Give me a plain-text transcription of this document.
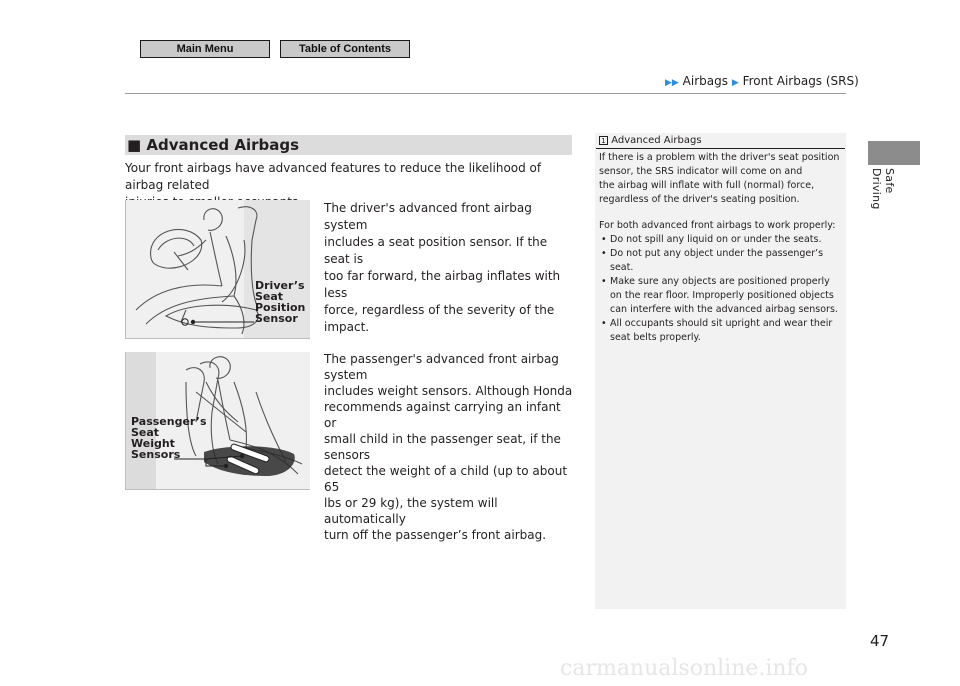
Main Menu	Table of Contents
▶▶ Airbags ▶ Front Airbags (SRS)
Safe Driving
47
■ Advanced Airbags
Your front airbags have advanced features to reduce the likelihood of airbag related
The driver's advanced front airbag system
includes a seat position sensor. If the seat is
too far forward, the airbag inflates with less
force, regardless of the severity of the impact.
Driver’s
Seat
Position
Sensor
The passenger's advanced front airbag system
includes weight sensors. Although Honda
recommends against carrying an infant or
small child in the passenger seat, if the sensors
detect the weight of a child (up to about 65
lbs or 29 kg), the system will automatically
turn off the passenger’s front airbag.
Passenger’s
Seat
Weight
Sensors
1 Advanced Airbags

If there is a problem with the driver's seat position
sensor, the SRS indicator will come on and
the airbag will inflate with full (normal) force,
regardless of the driver's seating position.

For both advanced front airbags to work properly:

• Do not spill any liquid on or under the seats.
• Do not put any object under the passenger’s
seat.
• Make sure any objects are positioned properly
on the rear floor. Improperly positioned objects
can interfere with the advanced airbag sensors.
• All occupants should sit upright and wear their
seat belts properly.
carmanualsonline.info
